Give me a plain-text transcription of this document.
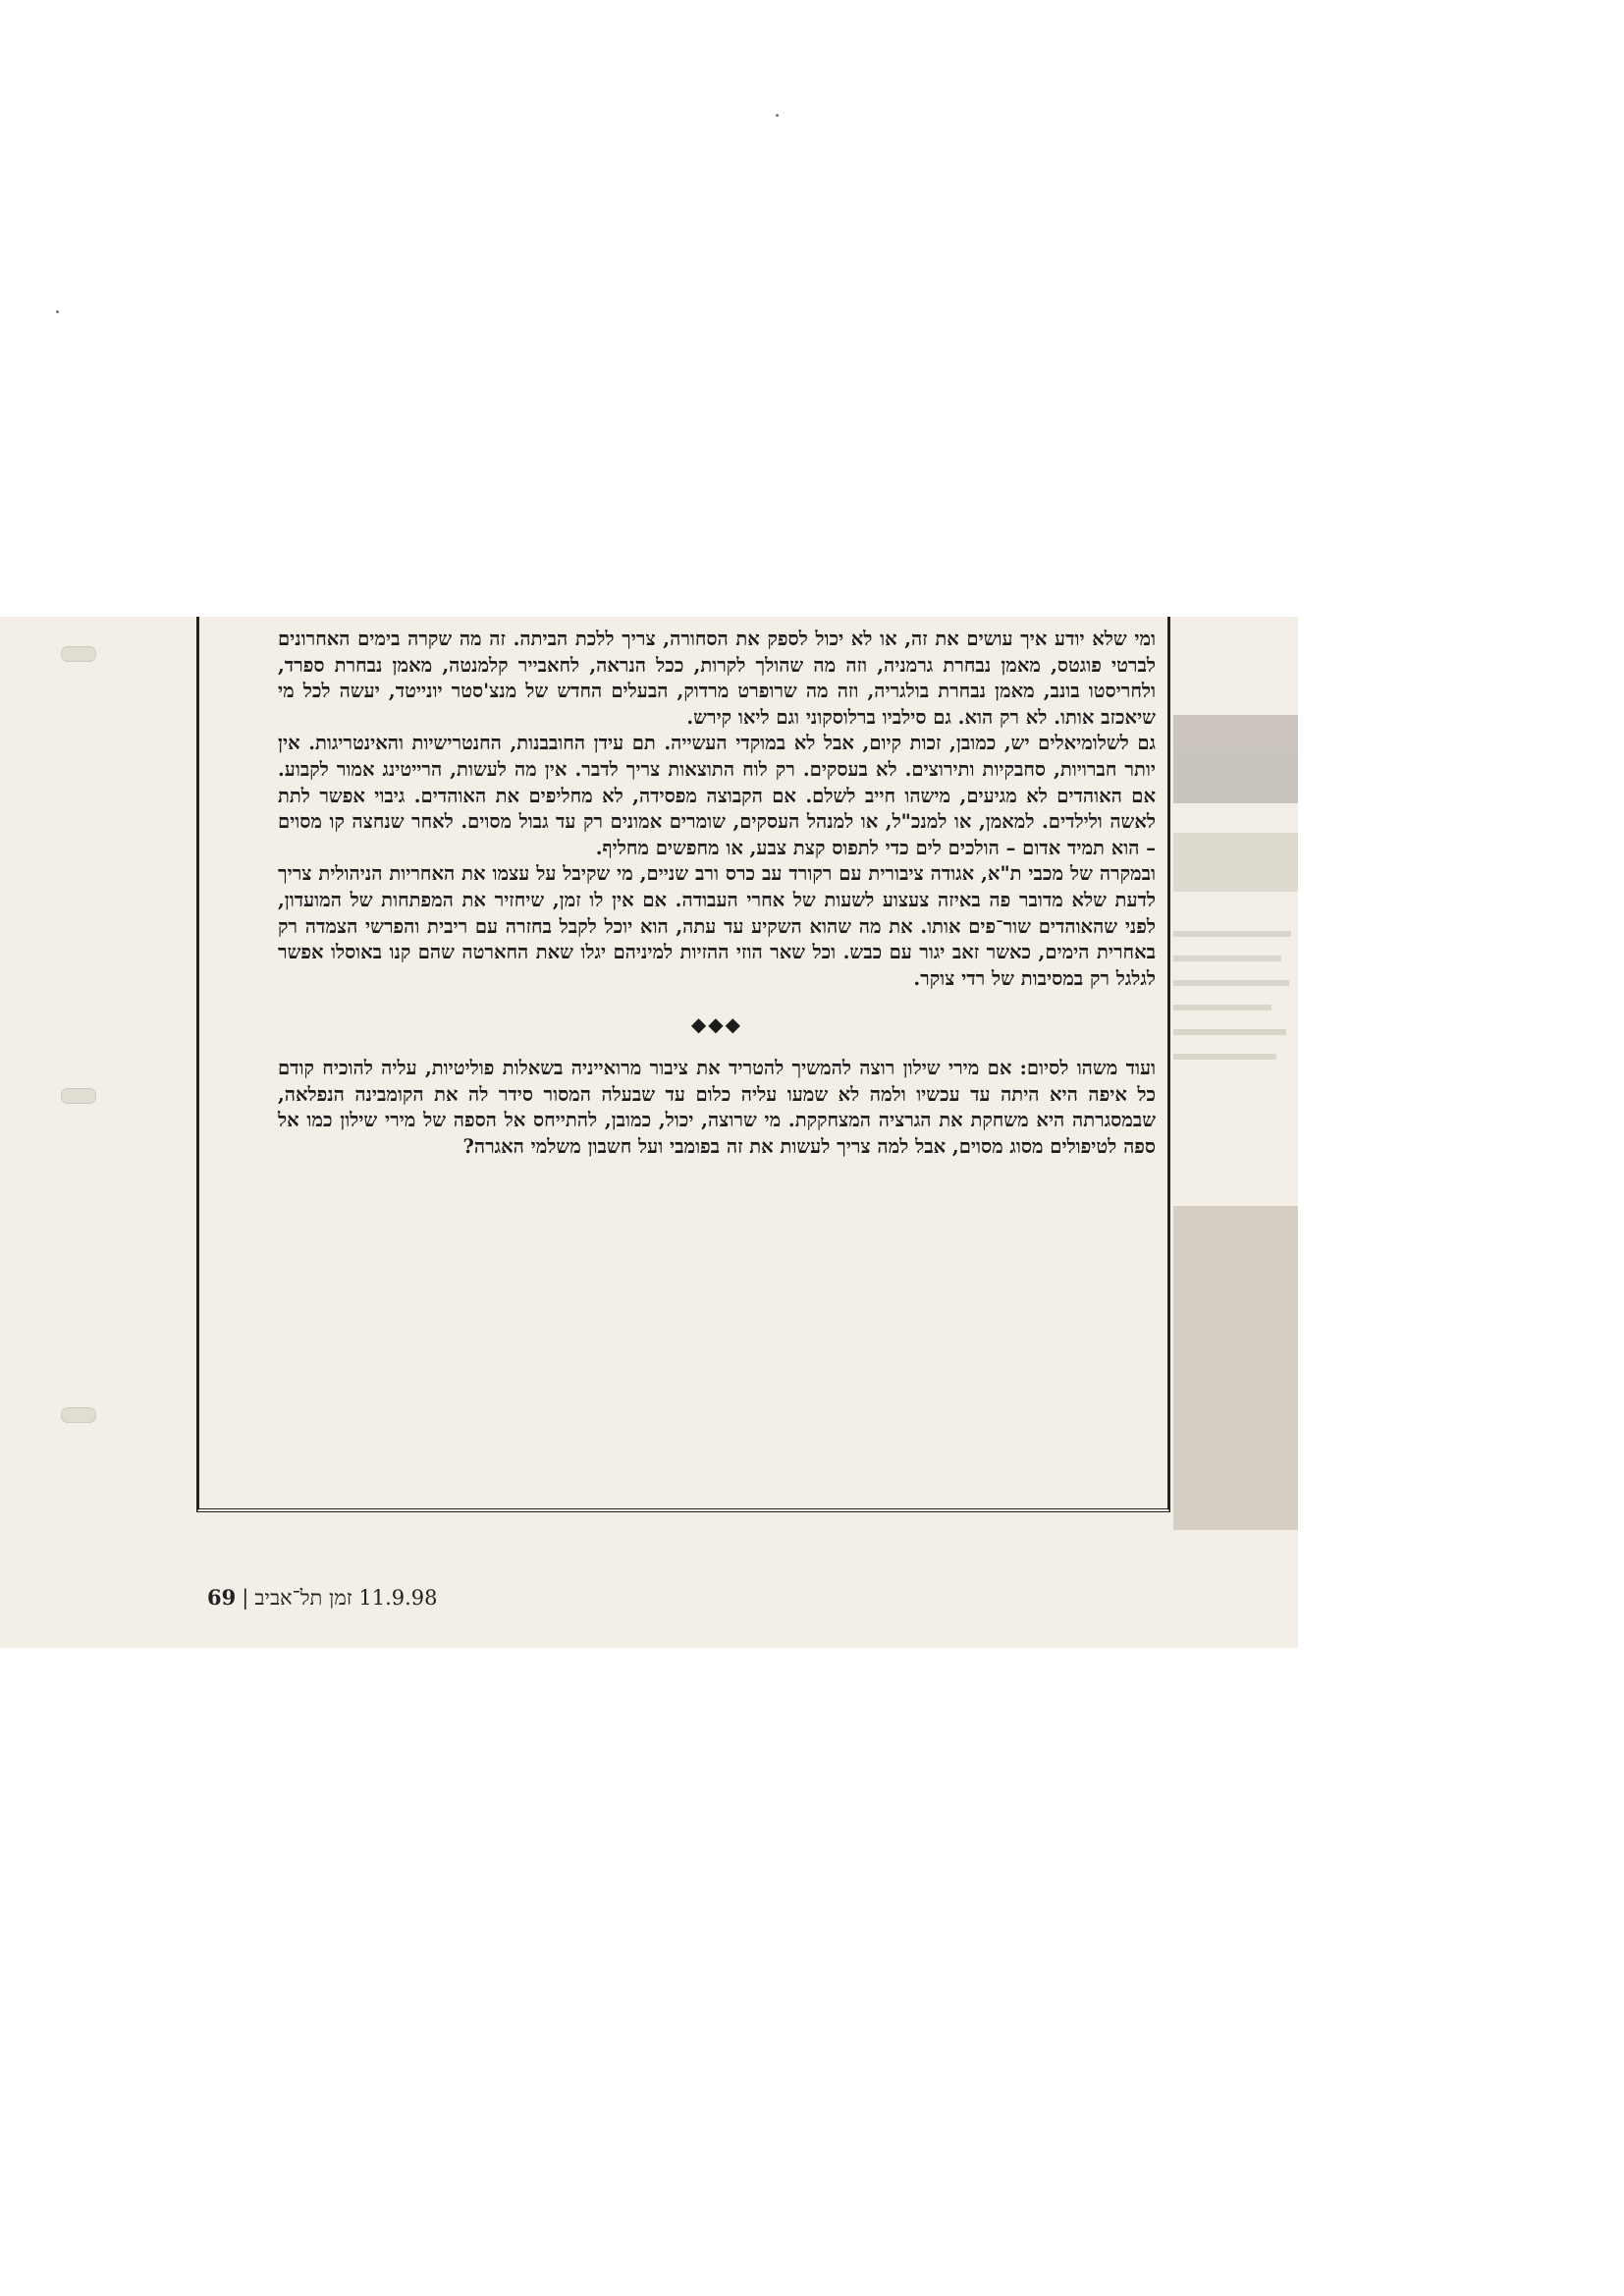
ומי שלא יודע איך עושים את זה, או לא יכול לספק את הסחורה, צריך ללכת הביתה. זה מה שקרה בימים האחרונים לברטי פוגטס, מאמן נבחרת גרמניה, וזה מה שהולך לקרות, ככל הנראה, לחאבייר קלמנטה, מאמן נבחרת ספרד, ולחריסטו בונב, מאמן נבחרת בולגריה, וזה מה שרופרט מרדוק, הבעלים החדש של מנצ'סטר יונייטד, יעשה לכל מי שיאכזב אותו. לא רק הוא. גם סילביו ברלוסקוני וגם ליאו קירש.

גם לשלומיאלים יש, כמובן, זכות קיום, אבל לא במוקדי העשייה. תם עידן החובבנות, החנטרישיות והאינטריגות. אין יותר חברויות, סחבקיות ותירוצים. לא בעסקים. רק לוח התוצאות צריך לדבר. אין מה לעשות, הרייטינג אמור לקבוע. אם האוהדים לא מגיעים, מישהו חייב לשלם. אם הקבוצה מפסידה, לא מחליפים את האוהדים. גיבוי אפשר לתת לאשה ולילדים. למאמן, או למנכ"ל, או למנהל העסקים, שומרים אמונים רק עד גבול מסוים. לאחר שנחצה קו מסוים – הוא תמיד אדום – הולכים לים כדי לתפוס קצת צבע, או מחפשים מחליף.

ובמקרה של מכבי ת"א, אגודה ציבורית עם רקורד עב כרס ורב שניים, מי שקיבל על עצמו את האחריות הניהולית צריך לדעת שלא מדובר פה באיזה צעצוע לשעות של אחרי העבודה. אם אין לו זמן, שיחזיר את המפתחות של המועדון, לפני שהאוהדים שור־פים אותו. את מה שהוא השקיע עד עתה, הוא יוכל לקבל בחזרה עם ריבית והפרשי הצמדה רק באחרית הימים, כאשר זאב יגור עם כבש. וכל שאר הוזי ההזיות למיניהם יגלו שאת החארטה שהם קנו באוסלו אפשר לגלגל רק במסיבות של רדי צוקר.

◆◆◆

ועוד משהו לסיום: אם מירי שילון רוצה להמשיך להטריד את ציבור מרואייניה בשאלות פוליטיות, עליה להוכיח קודם כל איפה היא היתה עד עכשיו ולמה לא שמעו עליה כלום עד שבעלה המסור סידר לה את הקומבינה הנפלאה, שבמסגרתה היא משחקת את הגרציה המצחקקת. מי שרוצה, יכול, כמובן, להתייחס אל הספה של מירי שילון כמו אל ספה לטיפולים מסוג מסוים, אבל למה צריך לעשות את זה בפומבי ועל חשבון משלמי האגרה?

11.9.98 זמן תל־אביב|69
